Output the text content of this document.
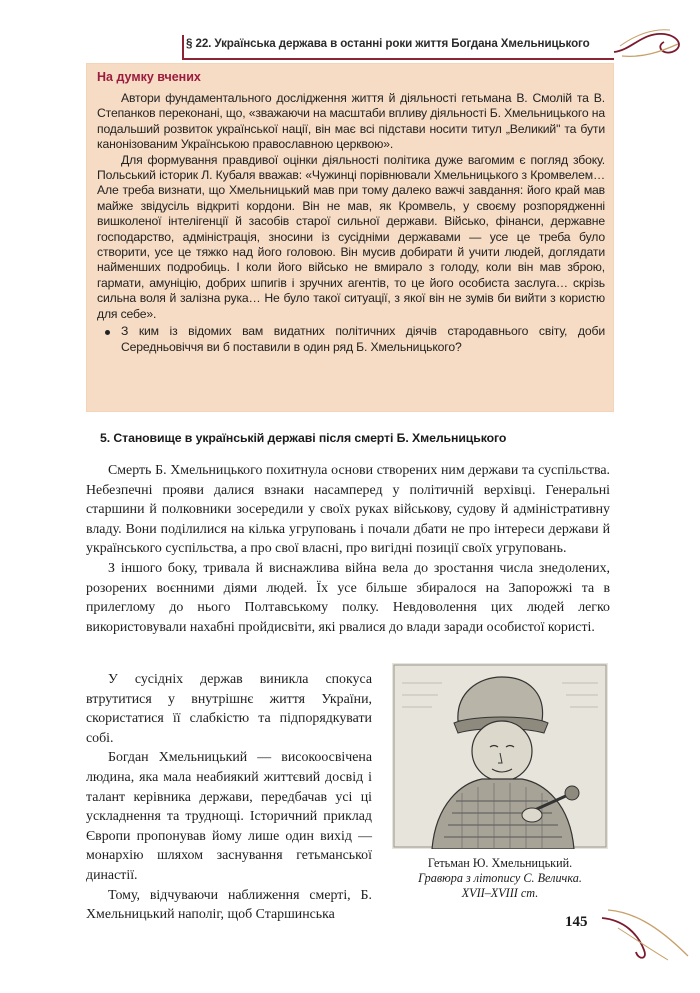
§ 22. Українська держава в останні роки життя Богдана Хмельницького
На думку вчених

Автори фундаментального дослідження життя й діяльності гетьмана В. Смолій та В. Степанков переконані, що, «зважаючи на масштаби впливу діяльності Б. Хмельницького на подальший розвиток української нації, він має всі підстави носити титул „Великий" та бути канонізованим Українською православною церквою».

Для формування правдивої оцінки діяльності політика дуже вагомим є погляд збоку. Польський історик Л. Кубаля вважав: «Чужинці порівнювали Хмельницького з Кромвелем… Але треба визнати, що Хмельницький мав при тому далеко важчі завдання: його край мав майже звідусіль відкриті кордони. Він не мав, як Кромвель, у своєму розпорядженні вишколеної інтелігенції й засобів старої сильної держави. Військо, фінанси, державне господарство, адміністрація, зносини із сусідніми державами — усе це треба було створити, усе це тяжко над його головою. Він мусив добирати й учити людей, доглядати найменших подробиць. І коли його військо не вмирало з голоду, коли він мав зброю, гармати, амуніцію, добрих шпигів і зручних агентів, то це його особиста заслуга… скрізь сильна воля й залізна рука… Не було такої ситуації, з якої він не зумів би вийти з користю для себе».

З ким із відомих вам видатних політичних діячів стародавнього світу, доби Середньовіччя ви б поставили в один ряд Б. Хмельницького?
5. Становище в українській державі після смерті Б. Хмельницького

Смерть Б. Хмельницького похитнула основи створених ним держави та суспільства. Небезпечні прояви далися взнаки насамперед у політичній верхівці. Генеральні старшини й полковники зосередили у своїх руках військову, судову й адміністративну владу. Вони поділилися на кілька угруповань і почали дбати не про інтереси держави й українського суспільства, а про свої власні, про вигідні позиції своїх угруповань.

З іншого боку, тривала й виснажлива війна вела до зростання числа знедолених, розорених воєнними діями людей. Їх усе більше збиралося на Запорожжі та в прилеглому до нього Полтавському полку. Невдоволення цих людей легко використовували нахабні пройдисвіти, які рвалися до влади заради особистої користі.

У сусідніх держав виникла спокуса втрутитися у внутрішнє життя України, скористатися її слабкістю та підпорядкувати собі.

Богдан Хмельницький — високоосвічена людина, яка мала неабиякий життєвий досвід і талант керівника держави, передбачав усі ці ускладнення та труднощі. Історичний приклад Європи пропонував йому лише один вихід — монархію шляхом заснування гетьманської династії.

Тому, відчуваючи наближення смерті, Б. Хмельницький наполіг, щоб Старшинська

Гетьман Ю. Хмельницький.
Гравюра з літопису С. Величка.
XVII–XVIII ст.
145
